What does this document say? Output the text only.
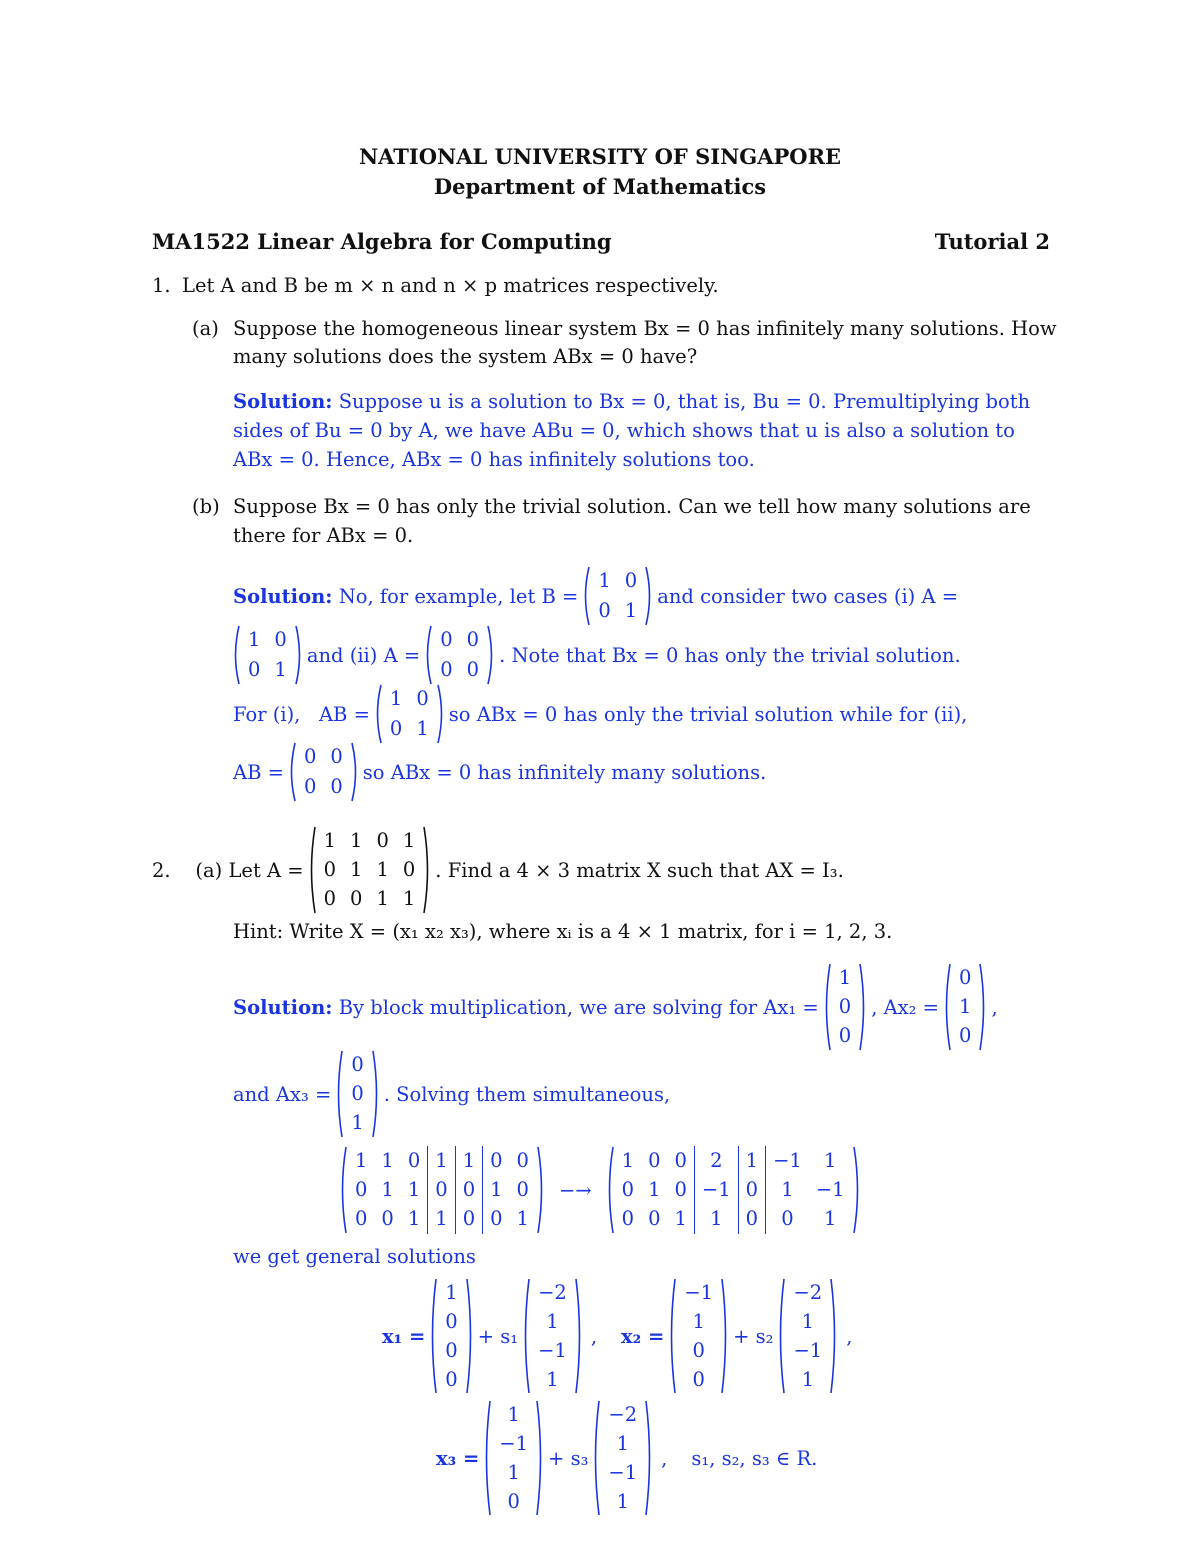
NATIONAL UNIVERSITY OF SINGAPORE
Department of Mathematics
MA1522 Linear Algebra for Computing	Tutorial 2
1. Let A and B be m × n and n × p matrices respectively.
(a) Suppose the homogeneous linear system Bx = 0 has infinitely many solutions. How
many solutions does the system ABx = 0 have?
Solution: Suppose u is a solution to Bx = 0, that is, Bu = 0. Premultiplying both
sides of Bu = 0 by A, we have ABu = 0, which shows that u is also a solution to
ABx = 0. Hence, ABx = 0 has infinitely solutions too.
(b) Suppose Bx = 0 has only the trivial solution. Can we tell how many solutions are
there for ABx = 0.
Solution:
No, for example, let B =
1	0
0	1
and consider two cases (i) A =
1	0
0	1
and (ii) A =
0	0
0	0
. Note that Bx = 0 has only the trivial solution.
For (i),   AB =
1	0
0	1
so ABx = 0 has only the trivial solution while for (ii),
AB =
0	0
0	0
so ABx = 0 has infinitely many solutions.
2.
(a)
Let A =
1	1	0	1
0	1	1	0
0	0	1	1
. Find a 4 × 3 matrix X such that AX = I₃.
Hint: Write X = (x₁ x₂ x₃), where xᵢ is a 4 × 1 matrix, for i = 1, 2, 3.
Solution:
By block multiplication, we are solving for Ax₁ =
1
0
0
, Ax₂ =
0
1
0
,
and Ax₃ =
0
0
1
. Solving them simultaneous,
1	1	0	1	1	0	0
0	1	1	0	0	1	0
0	0	1	1	0	0	1
−→
1	0	0	2	1	−1	1
0	1	0	−1	0	1	−1
0	0	1	1	0	0	1
we get general solutions
x₁ =
1
0
0
0
+ s₁
−2
1
−1
1
, x₂ =
−1
1
0
0
+ s₂
−2
1
−1
1
,
x₃ =
1
−1
1
0
+ s₃
−2
1
−1
1
, s₁, s₂, s₃ ∈ R.
